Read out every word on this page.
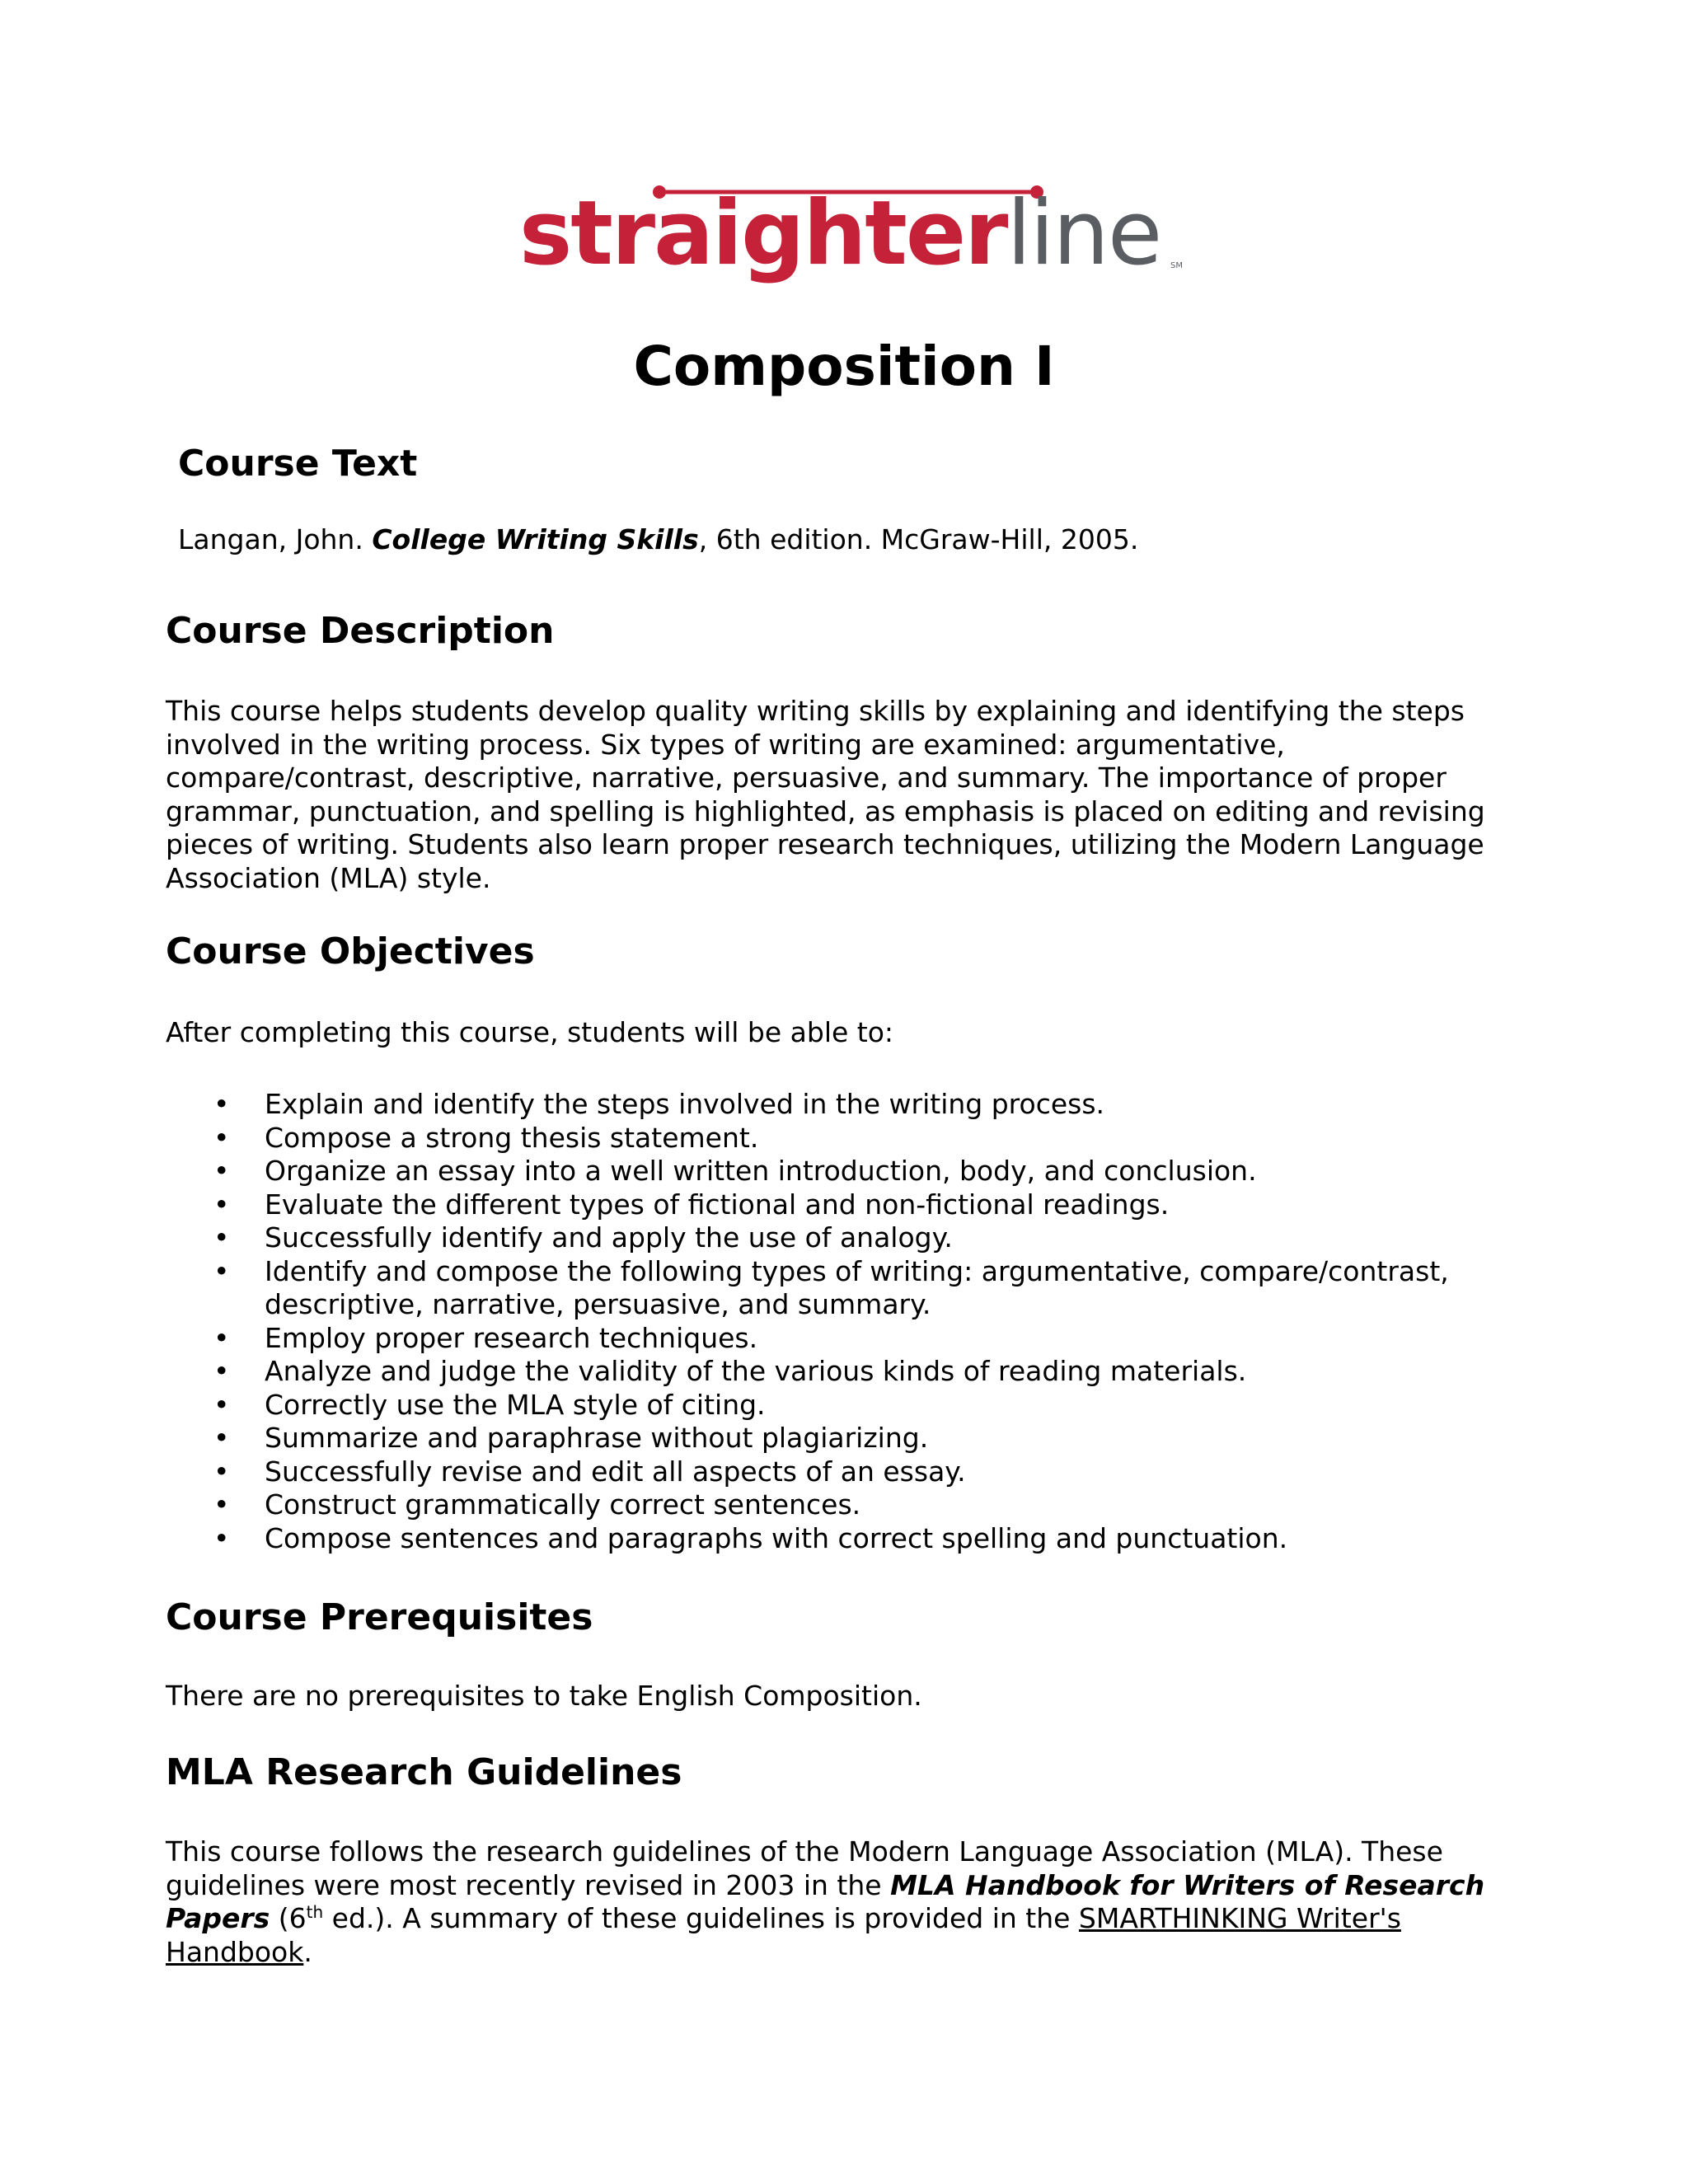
straighterline SM
Composition I
Course Text

Langan, John. College Writing Skills, 6th edition. McGraw-Hill, 2005.

Course Description

This course helps students develop quality writing skills by explaining and identifying the steps involved in the writing process. Six types of writing are examined: argumentative, compare/contrast, descriptive, narrative, persuasive, and summary. The importance of proper grammar, punctuation, and spelling is highlighted, as emphasis is placed on editing and revising pieces of writing. Students also learn proper research techniques, utilizing the Modern Language Association (MLA) style.

Course Objectives

After completing this course, students will be able to:

• Explain and identify the steps involved in the writing process.
• Compose a strong thesis statement.
• Organize an essay into a well written introduction, body, and conclusion.
• Evaluate the different types of fictional and non-fictional readings.
• Successfully identify and apply the use of analogy.
• Identify and compose the following types of writing: argumentative, compare/contrast, descriptive, narrative, persuasive, and summary.
• Employ proper research techniques.
• Analyze and judge the validity of the various kinds of reading materials.
• Correctly use the MLA style of citing.
• Summarize and paraphrase without plagiarizing.
• Successfully revise and edit all aspects of an essay.
• Construct grammatically correct sentences.
• Compose sentences and paragraphs with correct spelling and punctuation.
Course Prerequisites

There are no prerequisites to take English Composition.

MLA Research Guidelines

This course follows the research guidelines of the Modern Language Association (MLA). These guidelines were most recently revised in 2003 in the MLA Handbook for Writers of Research Papers (6th ed.). A summary of these guidelines is provided in the SMARTHINKING Writer's Handbook.
